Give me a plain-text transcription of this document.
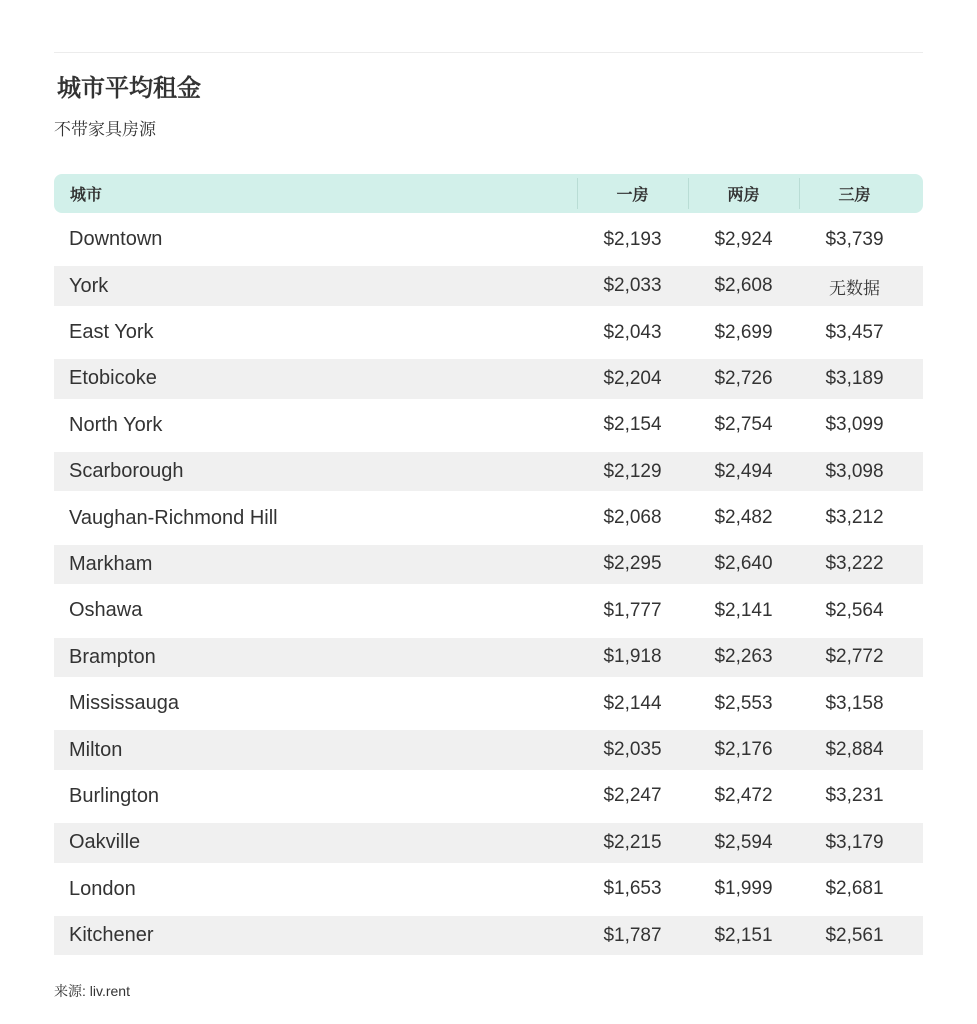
城市平均租金
不带家具房源
城市	一房	两房	三房
Downtown	$2,193	$2,924	$3,739
York	$2,033	$2,608	无数据
East York	$2,043	$2,699	$3,457
Etobicoke	$2,204	$2,726	$3,189
North York	$2,154	$2,754	$3,099
Scarborough	$2,129	$2,494	$3,098
Vaughan-Richmond Hill	$2,068	$2,482	$3,212
Markham	$2,295	$2,640	$3,222
Oshawa	$1,777	$2,141	$2,564
Brampton	$1,918	$2,263	$2,772
Mississauga	$2,144	$2,553	$3,158
Milton	$2,035	$2,176	$2,884
Burlington	$2,247	$2,472	$3,231
Oakville	$2,215	$2,594	$3,179
London	$1,653	$1,999	$2,681
Kitchener	$1,787	$2,151	$2,561
来源: liv.rent
